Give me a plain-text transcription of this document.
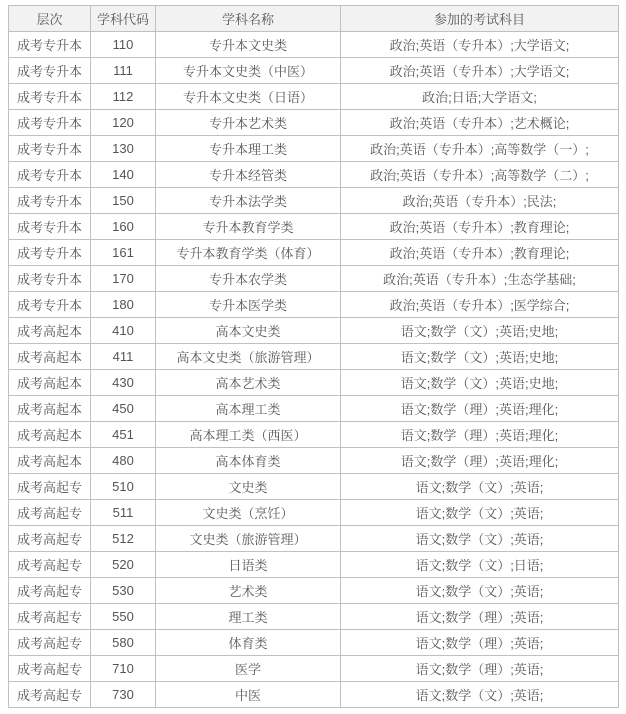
层次	学科代码	学科名称	参加的考试科目
成考专升本	110	专升本文史类	政治;英语（专升本）;大学语文;
成考专升本	111	专升本文史类（中医）	政治;英语（专升本）;大学语文;
成考专升本	112	专升本文史类（日语）	政治;日语;大学语文;
成考专升本	120	专升本艺术类	政治;英语（专升本）;艺术概论;
成考专升本	130	专升本理工类	政治;英语（专升本）;高等数学（一）;
成考专升本	140	专升本经管类	政治;英语（专升本）;高等数学（二）;
成考专升本	150	专升本法学类	政治;英语（专升本）;民法;
成考专升本	160	专升本教育学类	政治;英语（专升本）;教育理论;
成考专升本	161	专升本教育学类（体育）	政治;英语（专升本）;教育理论;
成考专升本	170	专升本农学类	政治;英语（专升本）;生态学基础;
成考专升本	180	专升本医学类	政治;英语（专升本）;医学综合;
成考高起本	410	高本文史类	语文;数学（文）;英语;史地;
成考高起本	411	高本文史类（旅游管理）	语文;数学（文）;英语;史地;
成考高起本	430	高本艺术类	语文;数学（文）;英语;史地;
成考高起本	450	高本理工类	语文;数学（理）;英语;理化;
成考高起本	451	高本理工类（西医）	语文;数学（理）;英语;理化;
成考高起本	480	高本体育类	语文;数学（理）;英语;理化;
成考高起专	510	文史类	语文;数学（文）;英语;
成考高起专	511	文史类（烹饪）	语文;数学（文）;英语;
成考高起专	512	文史类（旅游管理）	语文;数学（文）;英语;
成考高起专	520	日语类	语文;数学（文）;日语;
成考高起专	530	艺术类	语文;数学（文）;英语;
成考高起专	550	理工类	语文;数学（理）;英语;
成考高起专	580	体育类	语文;数学（理）;英语;
成考高起专	710	医学	语文;数学（理）;英语;
成考高起专	730	中医	语文;数学（文）;英语;
